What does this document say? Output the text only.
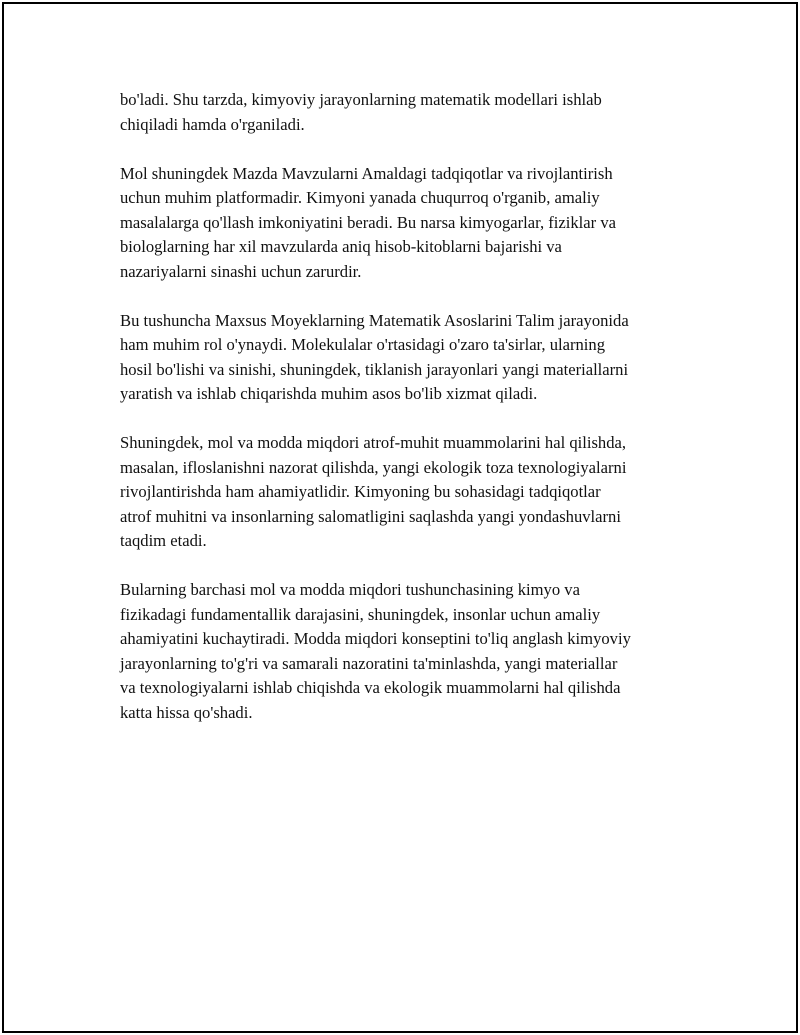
bo'ladi. Shu tarzda, kimyoviy jarayonlarning matematik modellari ishlab
chiqiladi hamda o'rganiladi.

Mol shuningdek Mazda Mavzularni Amaldagi tadqiqotlar va rivojlantirish
uchun muhim platformadir. Kimyoni yanada chuqurroq o'rganib, amaliy
masalalarga qo'llash imkoniyatini beradi. Bu narsa kimyogarlar, fiziklar va
biologlarning har xil mavzularda aniq hisob-kitoblarni bajarishi va
nazariyalarni sinashi uchun zarurdir.

Bu tushuncha Maxsus Moyeklarning Matematik Asoslarini Talim jarayonida
ham muhim rol o'ynaydi. Molekulalar o'rtasidagi o'zaro ta'sirlar, ularning
hosil bo'lishi va sinishi, shuningdek, tiklanish jarayonlari yangi materiallarni
yaratish va ishlab chiqarishda muhim asos bo'lib xizmat qiladi.

Shuningdek, mol va modda miqdori atrof-muhit muammolarini hal qilishda,
masalan, ifloslanishni nazorat qilishda, yangi ekologik toza texnologiyalarni
rivojlantirishda ham ahamiyatlidir. Kimyoning bu sohasidagi tadqiqotlar
atrof muhitni va insonlarning salomatligini saqlashda yangi yondashuvlarni
taqdim etadi.

Bularning barchasi mol va modda miqdori tushunchasining kimyo va
fizikadagi fundamentallik darajasini, shuningdek, insonlar uchun amaliy
ahamiyatini kuchaytiradi. Modda miqdori konseptini to'liq anglash kimyoviy
jarayonlarning to'g'ri va samarali nazoratini ta'minlashda, yangi materiallar
va texnologiyalarni ishlab chiqishda va ekologik muammolarni hal qilishda
katta hissa qo'shadi.
